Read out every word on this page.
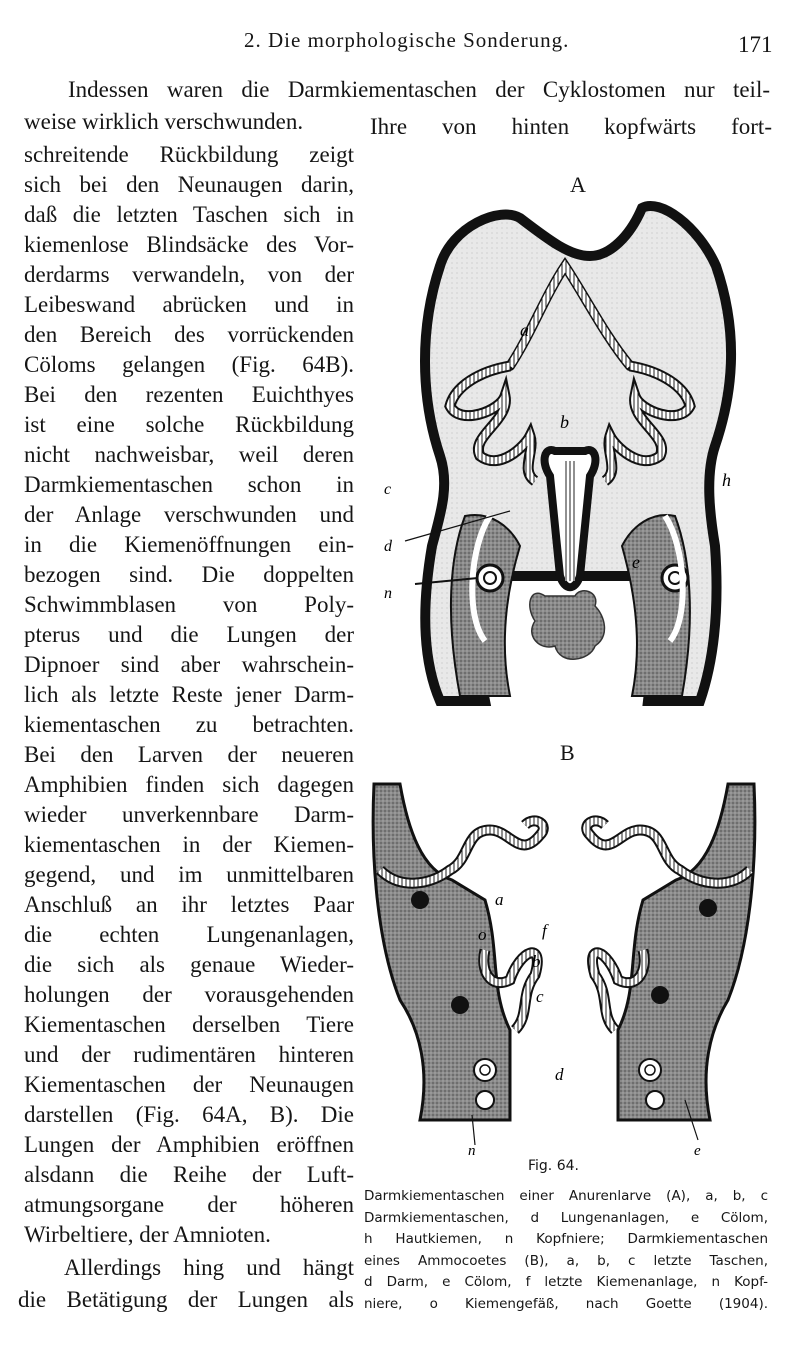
2. Die morphologische Sonderung.	171
Indessen waren die Darmkiementaschen der Cyklostomen nur teil-
weise wirklich verschwunden.	Ihre von hinten kopfwärts fort-
schreitende Rückbildung zeigt
sich bei den Neunaugen darin,
daß die letzten Taschen sich in
kiemenlose Blindsäcke des Vor-
derdarms verwandeln, von der
Leibeswand abrücken und in
den Bereich des vorrückenden
Cöloms gelangen (Fig. 64B).
Bei den rezenten Euichthyes
ist eine solche Rückbildung
nicht nachweisbar, weil deren
Darmkiementaschen schon in
der Anlage verschwunden und
in die Kiemenöffnungen ein-
bezogen sind. Die doppelten
Schwimmblasen von Poly-
pterus und die Lungen der
Dipnoer sind aber wahrschein-
lich als letzte Reste jener Darm-
kiementaschen zu betrachten.
Bei den Larven der neueren
Amphibien finden sich dagegen
wieder unverkennbare Darm-
kiementaschen in der Kiemen-
gegend, und im unmittelbaren
Anschluß an ihr letztes Paar
die echten Lungenanlagen,
die sich als genaue Wieder-
holungen der vorausgehenden
Kiementaschen derselben Tiere
und der rudimentären hinteren
Kiementaschen der Neunaugen
darstellen (Fig. 64A, B). Die
Lungen der Amphibien eröffnen
alsdann die Reihe der Luft-
atmungsorgane der höheren
Wirbeltiere, der Amnioten.
Allerdings hing und hängt
die Betätigung der Lungen als
A
B
a
b
c
d
n
e
h
a
o	f
b
c
d
n	e
Fig. 64.
Darmkiementaschen einer Anurenlarve (A), a, b, c
Darmkiementaschen, d Lungenanlagen, e Cölom,
h Hautkiemen, n Kopfniere; Darmkiementaschen
eines Ammocoetes (B), a, b, c letzte Taschen,
d Darm, e Cölom, f letzte Kiemenanlage, n Kopf-
niere, o Kiemengefäß, nach Goette (1904).
